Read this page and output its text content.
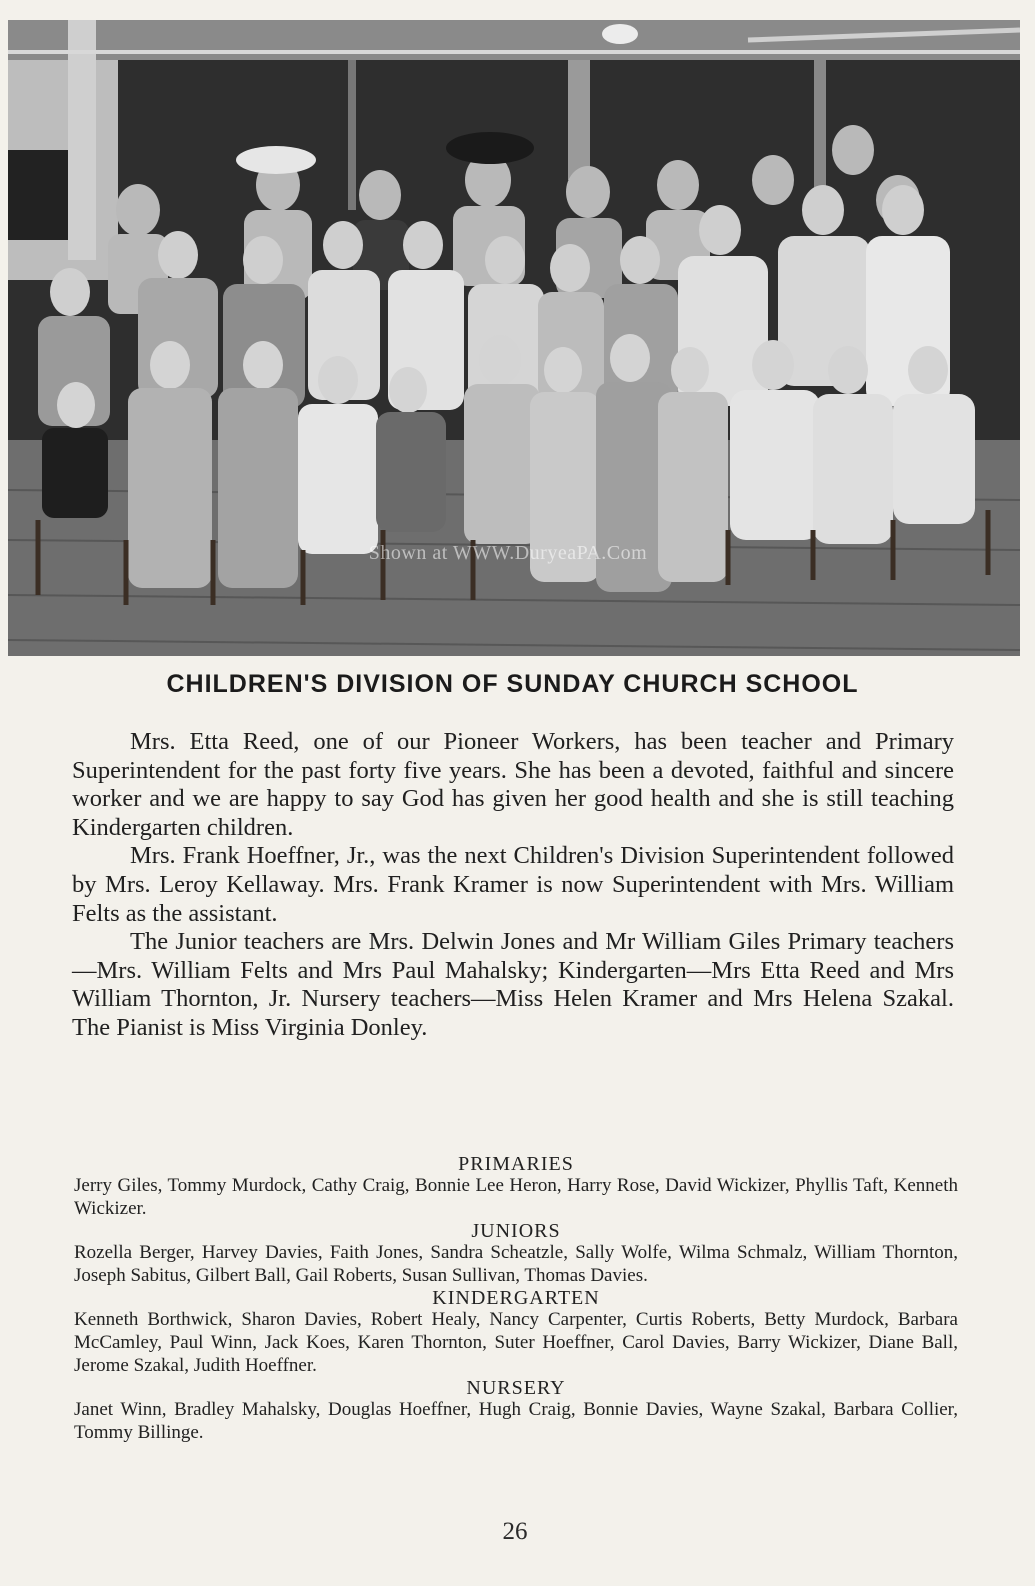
Shown at WWW.DuryeaPA.Com
CHILDREN'S DIVISION OF SUNDAY CHURCH SCHOOL

Mrs. Etta Reed, one of our Pioneer Workers, has been teacher and Primary Superintendent for the past forty five years. She has been a devoted, faithful and sincere worker and we are happy to say God has given her good health and she is still teaching Kindergarten children.

Mrs. Frank Hoeffner, Jr., was the next Children's Division Superintendent followed by Mrs. Leroy Kellaway. Mrs. Frank Kramer is now Superintendent with Mrs. William Felts as the assistant.

The Junior teachers are Mrs. Delwin Jones and Mr William Giles Primary teachers—Mrs. William Felts and Mrs Paul Mahalsky; Kindergarten—Mrs Etta Reed and Mrs William Thornton, Jr. Nursery teachers—Miss Helen Kramer and Mrs Helena Szakal. The Pianist is Miss Virginia Donley.

PRIMARIES
Jerry Giles, Tommy Murdock, Cathy Craig, Bonnie Lee Heron, Harry Rose, David Wickizer, Phyllis Taft, Kenneth Wickizer.
JUNIORS
Rozella Berger, Harvey Davies, Faith Jones, Sandra Scheatzle, Sally Wolfe, Wilma Schmalz, William Thornton, Joseph Sabitus, Gilbert Ball, Gail Roberts, Susan Sullivan, Thomas Davies.
KINDERGARTEN
Kenneth Borthwick, Sharon Davies, Robert Healy, Nancy Carpenter, Curtis Roberts, Betty Murdock, Barbara McCamley, Paul Winn, Jack Koes, Karen Thornton, Suter Hoeffner, Carol Davies, Barry Wickizer, Diane Ball, Jerome Szakal, Judith Hoeffner.
NURSERY
Janet Winn, Bradley Mahalsky, Douglas Hoeffner, Hugh Craig, Bonnie Davies, Wayne Szakal, Barbara Collier, Tommy Billinge.
26
